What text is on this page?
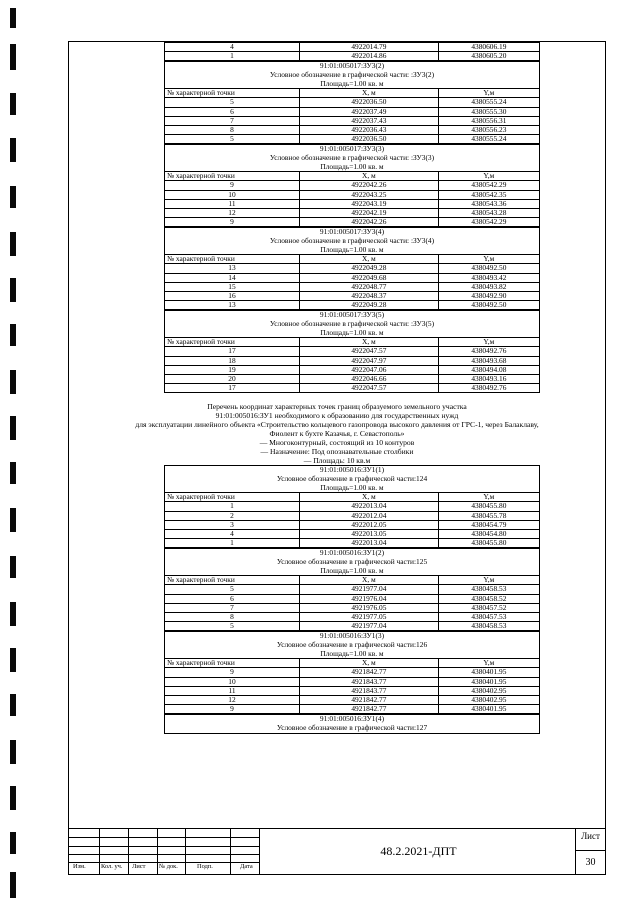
4	4922014.79	4380606.19
1	4922014.86	4380605.20
91:01:005017:ЗУ3(2)
Условное обозначение в графической части: :ЗУ3(2)
Площадь=1.00 кв. м		

№ характерной точки	X, м	Y,м
5	4922036.50	4380555.24
6	4922037.49	4380555.30
7	4922037.43	4380556.31
8	4922036.43	4380556.23
5	4922036.50	4380555.24
91:01:005017:ЗУ3(3)
Условное обозначение в графической части: :ЗУ3(3)
Площадь=1.00 кв. м		

№ характерной точки	X, м	Y,м
9	4922042.26	4380542.29
10	4922043.25	4380542.35
11	4922043.19	4380543.36
12	4922042.19	4380543.28
9	4922042.26	4380542.29
91:01:005017:ЗУ3(4)
Условное обозначение в графической части: :ЗУ3(4)
Площадь=1.00 кв. м		

№ характерной точки	X, м	Y,м
13	4922049.28	4380492.50
14	4922049.68	4380493.42
15	4922048.77	4380493.82
16	4922048.37	4380492.90
13	4922049.28	4380492.50
91:01:005017:ЗУ3(5)
Условное обозначение в графической части: :ЗУ3(5)
Площадь=1.00 кв. м		

№ характерной точки	X, м	Y,м
17	4922047.57	4380492.76
18	4922047.97	4380493.68
19	4922047.06	4380494.08
20	4922046.66	4380493.16
17	4922047.57	4380492.76
Перечень координат характерных точек границ образуемого земельного участка
91:01:005016:ЗУ1 необходимого к образованию для государственных нужд
для эксплуатации линейного объекта «Строительство кольцевого газопровода высокого давления от ГРС-1, через Балаклаву,
Фиолент к бухте Казачья, г. Севастополь»
— Многоконтурный, состоящий из 10 контуров
— Назначение: Под опознавательные столбики
— Площадь: 10 кв.м
91:01:005016:ЗУ1(1)
Условное обозначение в графической части:124
Площадь=1.00 кв. м		

№ характерной точки	X, м	Y,м
1	4922013.04	4380455.80
2	4922012.04	4380455.78
3	4922012.05	4380454.79
4	4922013.05	4380454.80
1	4922013.04	4380455.80
91:01:005016:ЗУ1(2)
Условное обозначение в графической части:125
Площадь=1.00 кв. м		

№ характерной точки	X, м	Y,м
5	4921977.04	4380458.53
6	4921976.04	4380458.52
7	4921976.05	4380457.52
8	4921977.05	4380457.53
5	4921977.04	4380458.53
91:01:005016:ЗУ1(3)
Условное обозначение в графической части:126
Площадь=1.00 кв. м		

№ характерной точки	X, м	Y,м
9	4921842.77	4380401.95
10	4921843.77	4380401.95
11	4921843.77	4380402.95
12	4921842.77	4380402.95
9	4921842.77	4380401.95
91:01:005016:ЗУ1(4)
Условное обозначение в графической части:127
Изм. Кол. уч. Лист № док.	Подп.	Дата
48.2.2021-ДПТ
Лист
30
